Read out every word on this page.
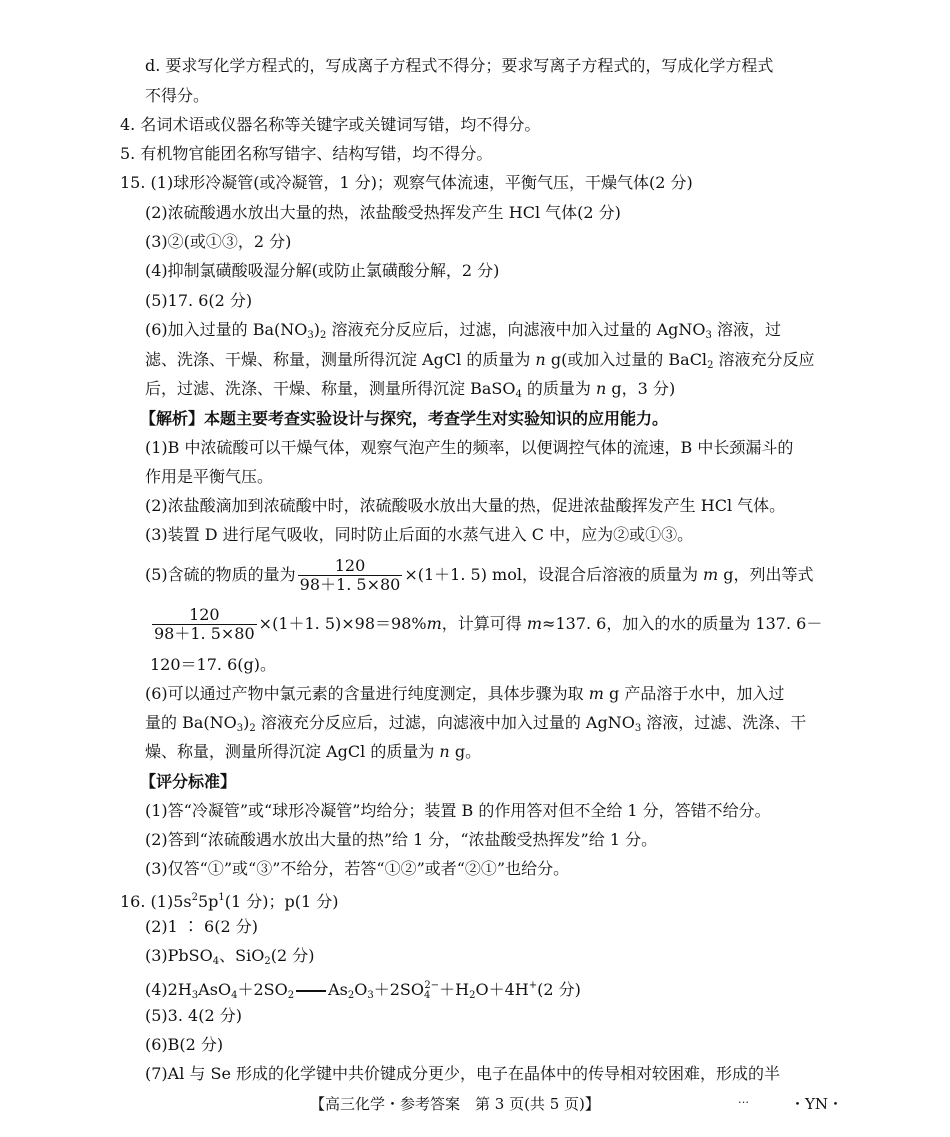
d. 要求写化学方程式的，写成离子方程式不得分；要求写离子方程式的，写成化学方程式
不得分。
4. 名词术语或仪器名称等关键字或关键词写错，均不得分。
5. 有机物官能团名称写错字、结构写错，均不得分。
15. (1)球形冷凝管(或冷凝管，1 分)；观察气体流速，平衡气压，干燥气体(2 分)
(2)浓硫酸遇水放出大量的热，浓盐酸受热挥发产生 HCl 气体(2 分)
(3)②(或①③，2 分)
(4)抑制氯磺酸吸湿分解(或防止氯磺酸分解，2 分)
(5)17. 6(2 分)
(6)加入过量的 $Ba(NO_3)_2$ 溶液充分反应后，过滤，向滤液中加入过量的 AgNO$_3$ 溶液，过
滤、洗涤、干燥、称量，测量所得沉淀 AgCl 的质量为 n g(或加入过量的 BaCl$_2$ 溶液充分反应
后，过滤、洗涤、干燥、称量，测量所得沉淀 BaSO$_4$ 的质量为 n g，3 分)
【解析】本题主要考查实验设计与探究，考查学生对实验知识的应用能力。
(1)B 中浓硫酸可以干燥气体，观察气泡产生的频率，以便调控气体的流速，B 中长颈漏斗的
作用是平衡气压。
(2)浓盐酸滴加到浓硫酸中时，浓硫酸吸水放出大量的热，促进浓盐酸挥发产生 HCl 气体。
(3)装置 D 进行尾气吸收，同时防止后面的水蒸气进入 C 中，应为②或①③。
(5)含硫的物质的量为 $\frac{120}{98+1. 5\times 80} \times(1+1$. 5) mol，设混合后溶液的质量为 m g，列出等式
$\frac{120}{98+1. 5\times 80} \times(1+1$. 5)×98＝98%m，计算可得 m≈137. 6，加入的水的质量为 137. 6－
120＝17. 6(g)。
(6)可以通过产物中氯元素的含量进行纯度测定，具体步骤为取 m g 产品溶于水中，加入过
量的 $Ba(NO_3)_2$ 溶液充分反应后，过滤，向滤液中加入过量的 AgNO$_3$ 溶液，过滤、洗涤、干
燥、称量，测量所得沉淀 AgCl 的质量为 n g。
【评分标准】
(1)答“冷凝管”或“球形冷凝管”均给分；装置 B 的作用答对但不全给 1 分，答错不给分。
(2)答到“浓硫酸遇水放出大量的热”给 1 分，“浓盐酸受热挥发”给 1 分。
(3)仅答“①”或“③”不给分，若答“①②”或者“②①”也给分。
16. $(1)5s^25p^1(1$ 分)；p(1 分)
(2)1 ∶ 6(2 分)
(3)PbSO$_4$、SiO$_2$(2 分)
$(4)2H_3AsO_4+2SO_2$ $As_2O_3+2SO_4^{2-}+H_2O+4H^+(2$ 分)
(5)3. 4(2 分)
(6)B(2 分)
(7)Al 与 Se 形成的化学键中共价键成分更少，电子在晶体中的传导相对较困难，形成的半
【高三化学・参考答案　第 3 页(共 5 页)】	…	・YN・
